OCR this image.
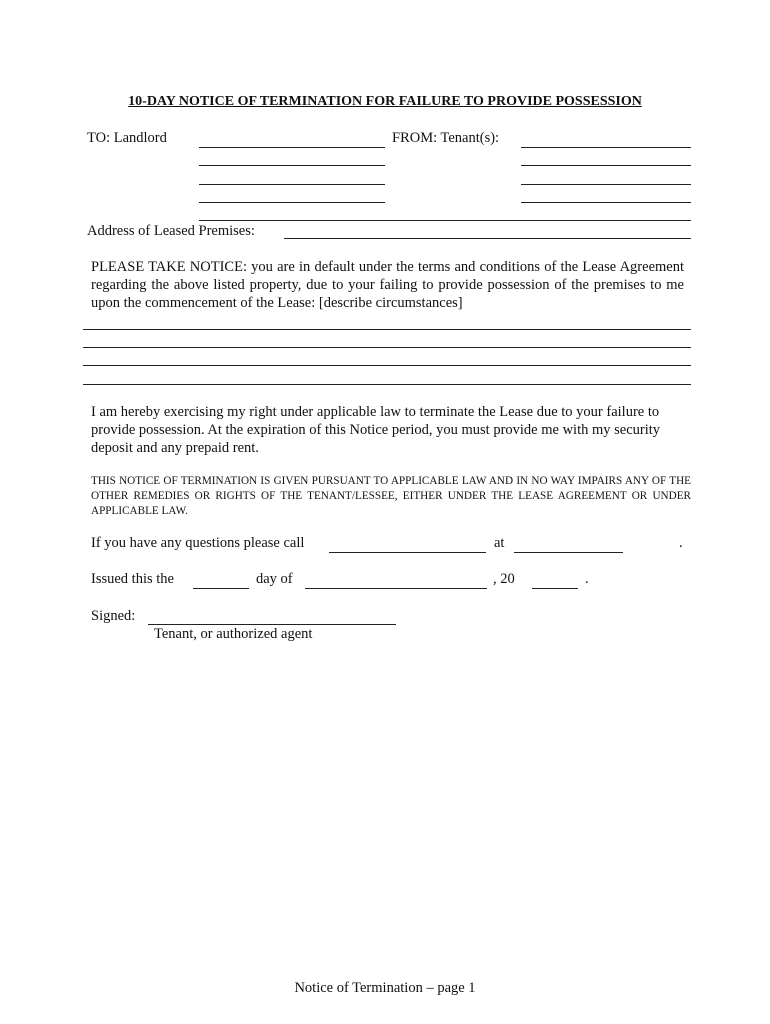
10-DAY NOTICE OF TERMINATION FOR FAILURE TO PROVIDE POSSESSION
TO: Landlord	FROM: Tenant(s):
Address of Leased Premises:
PLEASE TAKE NOTICE: you are in default under the terms and conditions of the Lease Agreement regarding the above listed property, due to your failing to provide possession of the premises to me upon the commencement of the Lease: [describe circumstances]
I am hereby exercising my right under applicable law to terminate the Lease due to your failure to provide possession. At the expiration of this Notice period, you must provide me with my security deposit and any prepaid rent.
THIS NOTICE OF TERMINATION IS GIVEN PURSUANT TO APPLICABLE LAW AND IN NO WAY IMPAIRS ANY OF THE OTHER REMEDIES OR RIGHTS OF THE TENANT/LESSEE, EITHER UNDER THE LEASE AGREEMENT OR UNDER APPLICABLE LAW.
If you have any questions please call	at	.
Issued this the	day of	, 20	.
Signed:
Tenant, or authorized agent
Notice of Termination – page 1
